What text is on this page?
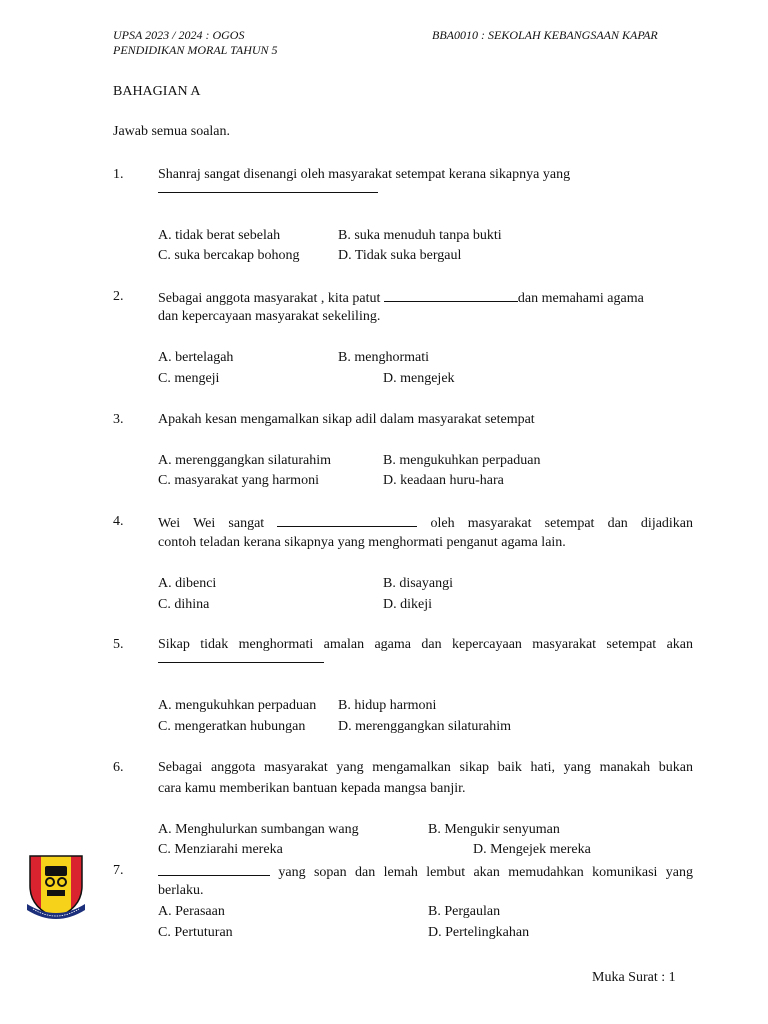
UPSA 2023 / 2024 : OGOS
PENDIDIKAN MORAL TAHUN 5
BBA0010 : SEKOLAH KEBANGSAAN KAPAR
BAHAGIAN A
Jawab semua soalan.
1. Shanraj sangat disenangi oleh masyarakat setempat kerana sikapnya yang
A. tidak berat sebelah	B. suka menuduh tanpa bukti
C. suka bercakap bohong	D. Tidak suka bergaul
2. Sebagai anggota masyarakat , kita patut	dan memahami agama
dan kepercayaan masyarakat sekeliling.
A. bertelagah	B. menghormati
C. mengeji	D. mengejek
3. Apakah kesan mengamalkan sikap adil dalam masyarakat setempat
A. merenggangkan silaturahim	B. mengukuhkan perpaduan
C. masyarakat yang harmoni	D. keadaan huru-hara
4. Wei Wei sangat	oleh masyarakat setempat dan dijadikan
contoh teladan kerana sikapnya yang menghormati penganut agama lain.
A. dibenci	B. disayangi
C. dihina	D. dikeji
5. Sikap tidak menghormati amalan agama dan kepercayaan masyarakat setempat akan
A. mengukuhkan perpaduan B. hidup harmoni
C. mengeratkan hubungan D. merenggangkan silaturahim
6. Sebagai anggota masyarakat yang mengamalkan sikap baik hati, yang manakah bukan
cara kamu memberikan bantuan kepada mangsa banjir.
A. Menghulurkan sumbangan wang	B. Mengukir senyuman
C. Menziarahi mereka	D. Mengejek mereka
7.	yang sopan dan lemah lembut akan memudahkan komunikasi yang
berlaku.
A. Perasaan	B. Pergaulan
C. Pertuturan	D. Pertelingkahan
Muka Surat : 1
